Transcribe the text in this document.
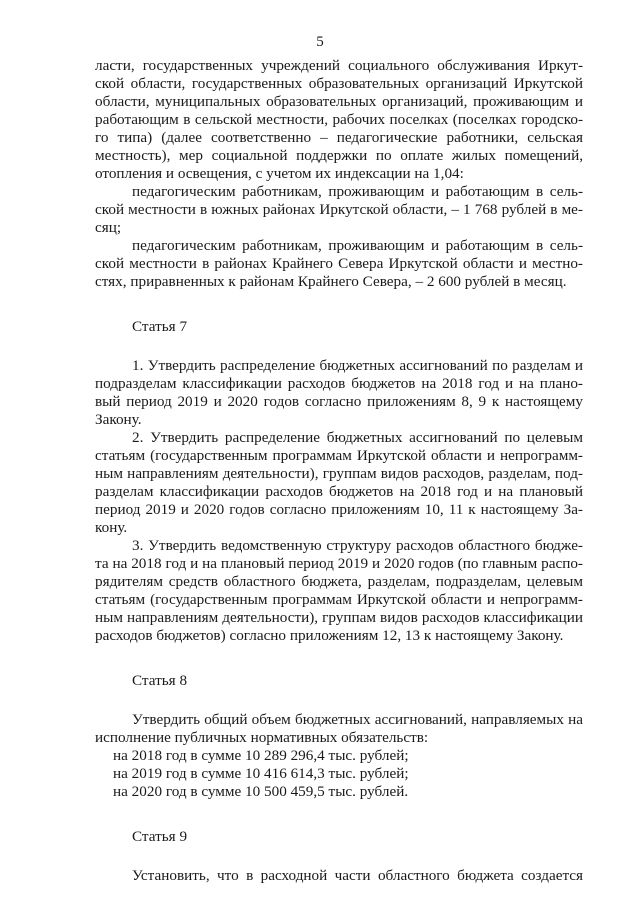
5
ласти, государственных учреждений социального обслуживания Иркут-
ской области, государственных образовательных организаций Иркутской
области, муниципальных образовательных организаций, проживающим и
работающим в сельской местности, рабочих поселках (поселках городско-
го типа) (далее соответственно – педагогические работники, сельская
местность), мер социальной поддержки по оплате жилых помещений,
отопления и освещения, с учетом их индексации на 1,04:
педагогическим работникам, проживающим и работающим в сель-
ской местности в южных районах Иркутской области, – 1 768 рублей в ме-
сяц;
педагогическим работникам, проживающим и работающим в сель-
ской местности в районах Крайнего Севера Иркутской области и местно-
стях, приравненных к районам Крайнего Севера, – 2 600 рублей в месяц.
Статья 7
1. Утвердить распределение бюджетных ассигнований по разделам и
подразделам классификации расходов бюджетов на 2018 год и на плано-
вый период 2019 и 2020 годов согласно приложениям 8, 9 к настоящему
Закону.
2. Утвердить распределение бюджетных ассигнований по целевым
статьям (государственным программам Иркутской области и непрограмм-
ным направлениям деятельности), группам видов расходов, разделам, под-
разделам классификации расходов бюджетов на 2018 год и на плановый
период 2019 и 2020 годов согласно приложениям 10, 11 к настоящему За-
кону.
3. Утвердить ведомственную структуру расходов областного бюдже-
та на 2018 год и на плановый период 2019 и 2020 годов (по главным распо-
рядителям средств областного бюджета, разделам, подразделам, целевым
статьям (государственным программам Иркутской области и непрограмм-
ным направлениям деятельности), группам видов расходов классификации
расходов бюджетов) согласно приложениям 12, 13 к настоящему Закону.
Статья 8
Утвердить общий объем бюджетных ассигнований, направляемых на
исполнение публичных нормативных обязательств:
на 2018 год в сумме 10 289 296,4 тыс. рублей;
на 2019 год в сумме 10 416 614,3 тыс. рублей;
на 2020 год в сумме 10 500 459,5 тыс. рублей.
Статья 9
Установить, что в расходной части областного бюджета создается
